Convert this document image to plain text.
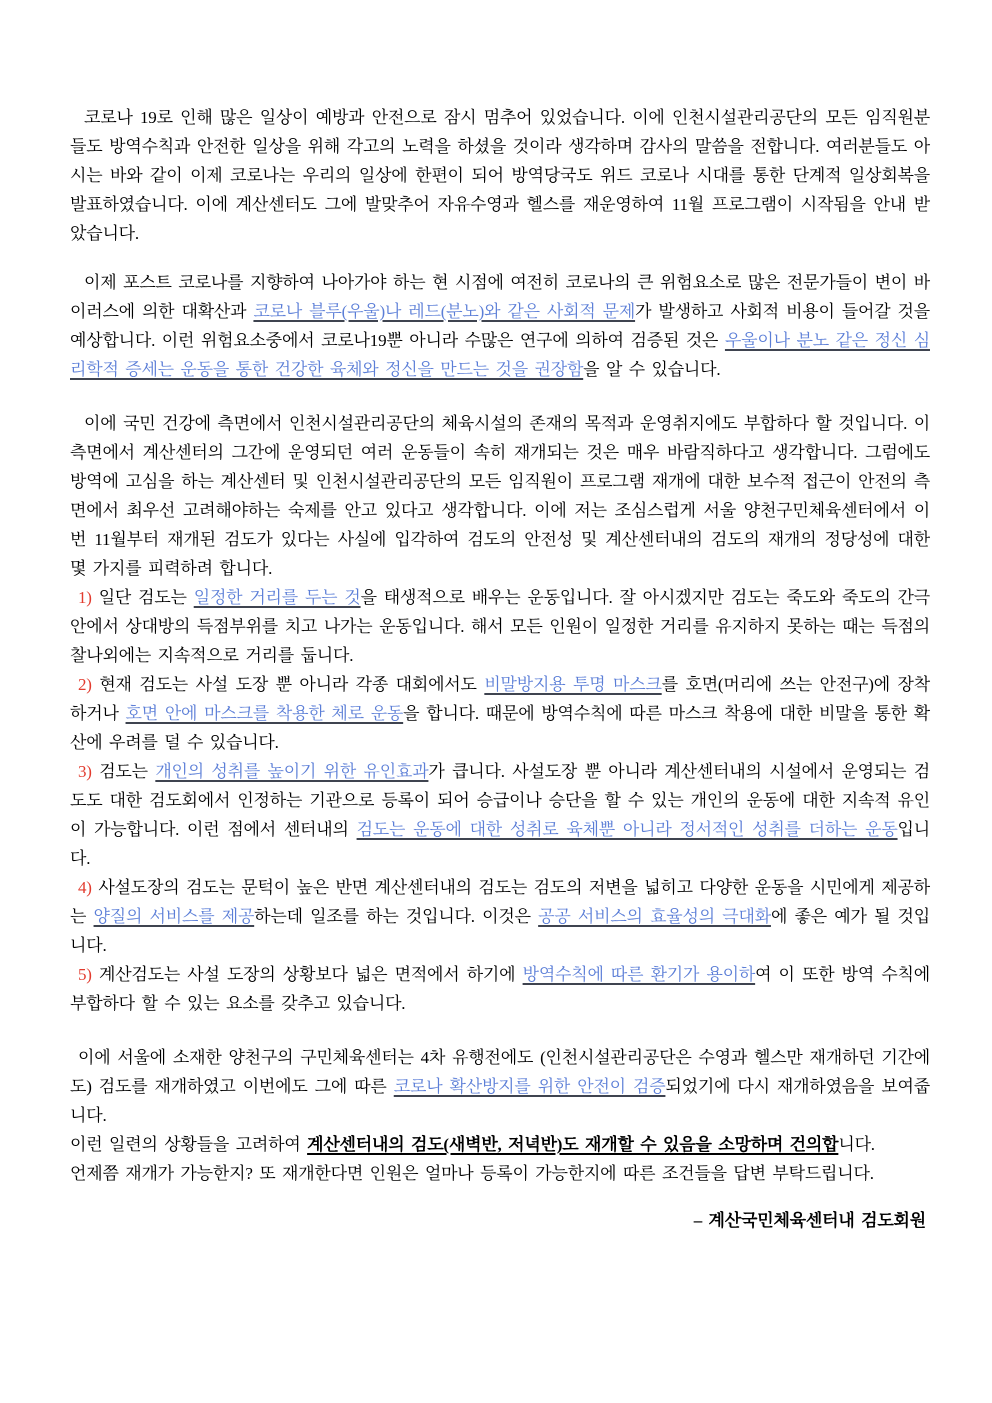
코로나 19로 인해 많은 일상이 예방과 안전으로 잠시 멈추어 있었습니다. 이에 인천시설관리공단의 모든 임직원분들도 방역수칙과 안전한 일상을 위해 각고의 노력을 하셨을 것이라 생각하며 감사의 말씀을 전합니다. 여러분들도 아시는 바와 같이 이제 코로나는 우리의 일상에 한편이 되어 방역당국도 위드 코로나 시대를 통한 단계적 일상회복을 발표하였습니다. 이에 계산센터도 그에 발맞추어 자유수영과 헬스를 재운영하여 11월 프로그램이 시작됨을 안내 받았습니다.

이제 포스트 코로나를 지향하여 나아가야 하는 현 시점에 여전히 코로나의 큰 위험요소로 많은 전문가들이 변이 바이러스에 의한 대확산과 코로나 블루(우울)나 레드(분노)와 같은 사회적 문제가 발생하고 사회적 비용이 들어갈 것을 예상합니다. 이런 위험요소중에서 코로나19뿐 아니라 수많은 연구에 의하여 검증된 것은 우울이나 분노 같은 정신 심리학적 증세는 운동을 통한 건강한 육체와 정신을 만드는 것을 권장함을 알 수 있습니다.

이에 국민 건강에 측면에서 인천시설관리공단의 체육시설의 존재의 목적과 운영취지에도 부합하다 할 것입니다. 이 측면에서 계산센터의 그간에 운영되던 여러 운동들이 속히 재개되는 것은 매우 바람직하다고 생각합니다. 그럼에도 방역에 고심을 하는 계산센터 및 인천시설관리공단의 모든 임직원이 프로그램 재개에 대한 보수적 접근이 안전의 측면에서 최우선 고려해야하는 숙제를 안고 있다고 생각합니다. 이에 저는 조심스럽게 서울 양천구민체육센터에서 이번 11월부터 재개된 검도가 있다는 사실에 입각하여 검도의 안전성 및 계산센터내의 검도의 재개의 정당성에 대한 몇 가지를 피력하려 합니다.

1) 일단 검도는 일정한 거리를 두는 것을 태생적으로 배우는 운동입니다. 잘 아시겠지만 검도는 죽도와 죽도의 간극안에서 상대방의 득점부위를 치고 나가는 운동입니다. 해서 모든 인원이 일정한 거리를 유지하지 못하는 때는 득점의 찰나외에는 지속적으로 거리를 둡니다.

2) 현재 검도는 사설 도장 뿐 아니라 각종 대회에서도 비말방지용 투명 마스크를 호면(머리에 쓰는 안전구)에 장착하거나 호면 안에 마스크를 착용한 체로 운동을 합니다. 때문에 방역수칙에 따른 마스크 착용에 대한 비말을 통한 확산에 우려를 덜 수 있습니다.

3) 검도는 개인의 성취를 높이기 위한 유인효과가 큽니다. 사설도장 뿐 아니라 계산센터내의 시설에서 운영되는 검도도 대한 검도회에서 인정하는 기관으로 등록이 되어 승급이나 승단을 할 수 있는 개인의 운동에 대한 지속적 유인이 가능합니다. 이런 점에서 센터내의 검도는 운동에 대한 성취로 육체뿐 아니라 정서적인 성취를 더하는 운동입니다.

4) 사설도장의 검도는 문턱이 높은 반면 계산센터내의 검도는 검도의 저변을 넓히고 다양한 운동을 시민에게 제공하는 양질의 서비스를 제공하는데 일조를 하는 것입니다. 이것은 공공 서비스의 효율성의 극대화에 좋은 예가 될 것입니다.

5) 계산검도는 사설 도장의 상황보다 넓은 면적에서 하기에 방역수칙에 따른 환기가 용이하여 이 또한 방역 수칙에 부합하다 할 수 있는 요소를 갖추고 있습니다.

이에 서울에 소재한 양천구의 구민체육센터는 4차 유행전에도 (인천시설관리공단은 수영과 헬스만 재개하던 기간에도) 검도를 재개하였고 이번에도 그에 따른 코로나 확산방지를 위한 안전이 검증되었기에 다시 재개하였음을 보여줍니다.

이런 일련의 상황들을 고려하여 계산센터내의 검도(새벽반, 저녁반)도 재개할 수 있음을 소망하며 건의합니다.

언제쯤 재개가 가능한지? 또 재개한다면 인원은 얼마나 등록이 가능한지에 따른 조건들을 답변 부탁드립니다.

– 계산국민체육센터내 검도회원
